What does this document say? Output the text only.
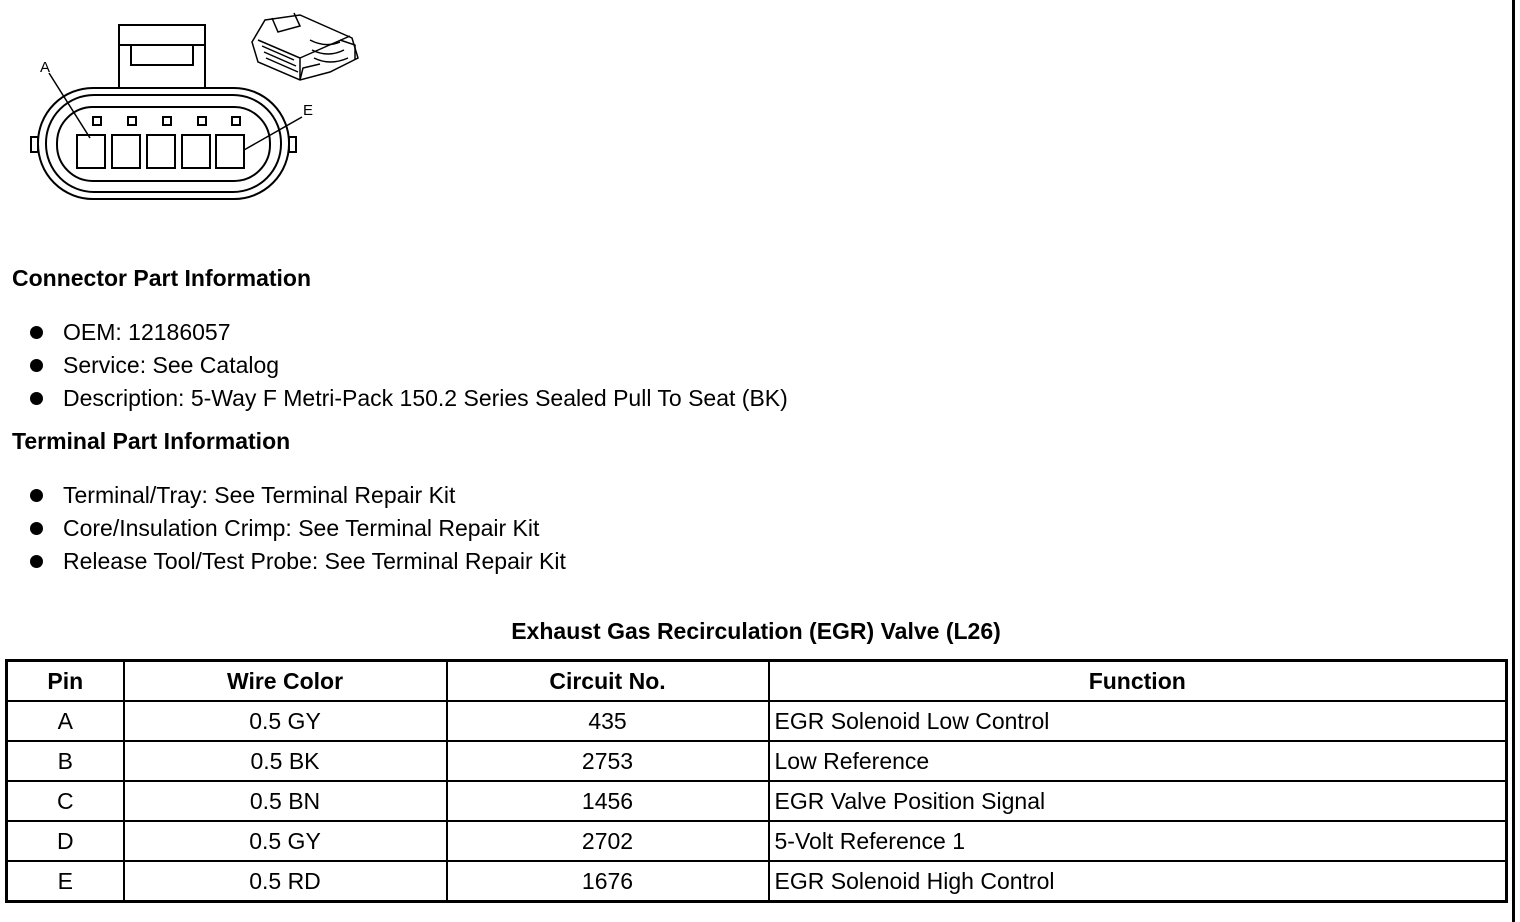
A
E
Connector Part Information
OEM: 12186057
Service: See Catalog
Description: 5-Way F Metri-Pack 150.2 Series Sealed Pull To Seat (BK)
Terminal Part Information
Terminal/Tray: See Terminal Repair Kit
Core/Insulation Crimp: See Terminal Repair Kit
Release Tool/Test Probe: See Terminal Repair Kit
Exhaust Gas Recirculation (EGR) Valve (L26)
Pin	Wire Color	Circuit No.	Function
A	0.5 GY	435	EGR Solenoid Low Control
B	0.5 BK	2753	Low Reference
C	0.5 BN	1456	EGR Valve Position Signal
D	0.5 GY	2702	5-Volt Reference 1
E	0.5 RD	1676	EGR Solenoid High Control
